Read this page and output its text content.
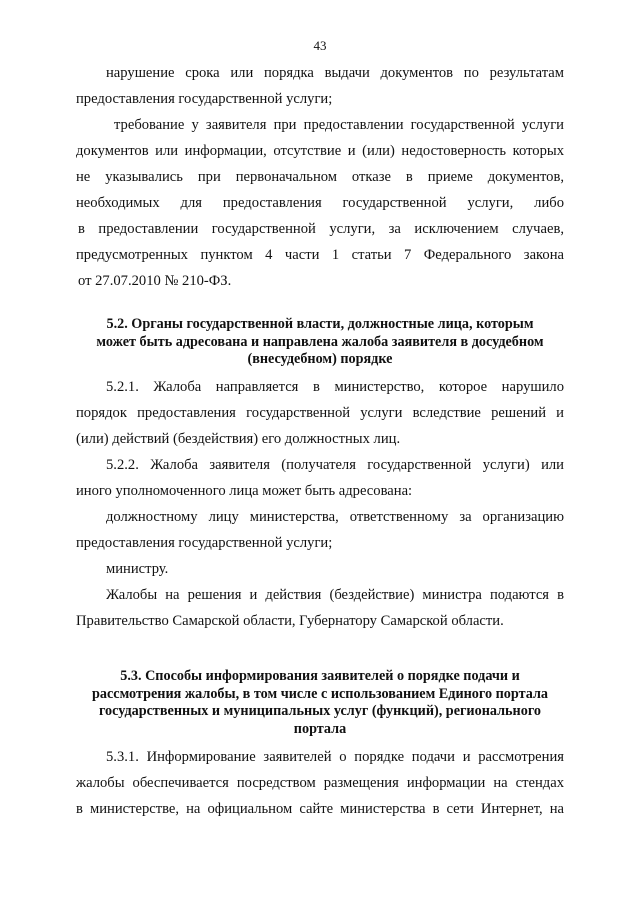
43

нарушение срока или порядка выдачи документов по результатам
предоставления государственной услуги;

требование у заявителя при предоставлении государственной услуги
документов или информации, отсутствие и (или) недостоверность которых
не указывались при первоначальном отказе в приеме документов,
необходимых для предоставления государственной услуги, либо
в предоставлении государственной услуги, за исключением случаев,
предусмотренных пунктом 4 части 1 статьи 7 Федерального закона
от 27.07.2010 № 210-ФЗ.

5.2. Органы государственной власти, должностные лица, которым
может быть адресована и направлена жалоба заявителя в досудебном
(внесудебном) порядке

5.2.1. Жалоба направляется в министерство, которое нарушило
порядок предоставления государственной услуги вследствие решений и
(или) действий (бездействия) его должностных лиц.

5.2.2. Жалоба заявителя (получателя государственной услуги) или
иного уполномоченного лица может быть адресована:

должностному лицу министерства, ответственному за организацию
предоставления государственной услуги;

министру.

Жалобы на решения и действия (бездействие) министра подаются в
Правительство Самарской области, Губернатору Самарской области.

5.3. Способы информирования заявителей о порядке подачи и
рассмотрения жалобы, в том числе с использованием Единого портала
государственных и муниципальных услуг (функций), регионального
портала

5.3.1. Информирование заявителей о порядке подачи и рассмотрения
жалобы обеспечивается посредством размещения информации на стендах
в министерстве, на официальном сайте министерства в сети Интернет, на
